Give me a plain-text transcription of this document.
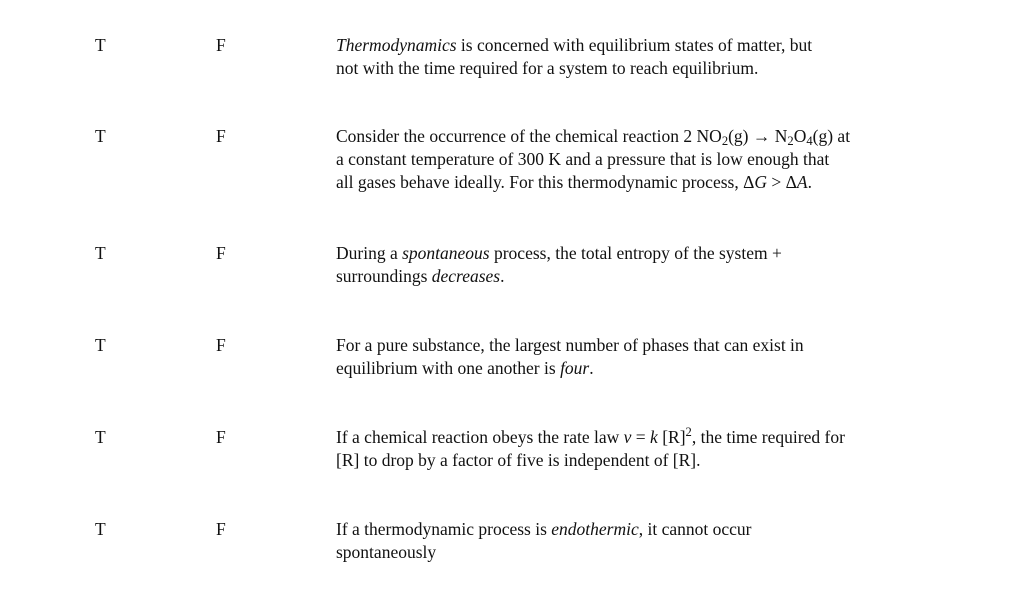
T	F	Thermodynamics is concerned with equilibrium states of matter, but
not with the time required for a system to reach equilibrium.
T	F	Consider the occurrence of the chemical reaction 2 $NO_2(g) \to N_2O_4(g)$ at
a constant temperature of 300 K and a pressure that is low enough that
all gases behave ideally. For this thermodynamic process, ΔG > ΔA.
T	F	During a spontaneous process, the total entropy of the system +
surroundings decreases.
T	F	For a pure substance, the largest number of phases that can exist in
equilibrium with one another is four.
T	F	If a chemical reaction obeys the rate law v = k $[R]^2$, the time required for
[R] to drop by a factor of five is independent of [R].
T	F	If a thermodynamic process is endothermic, it cannot occur
spontaneously
